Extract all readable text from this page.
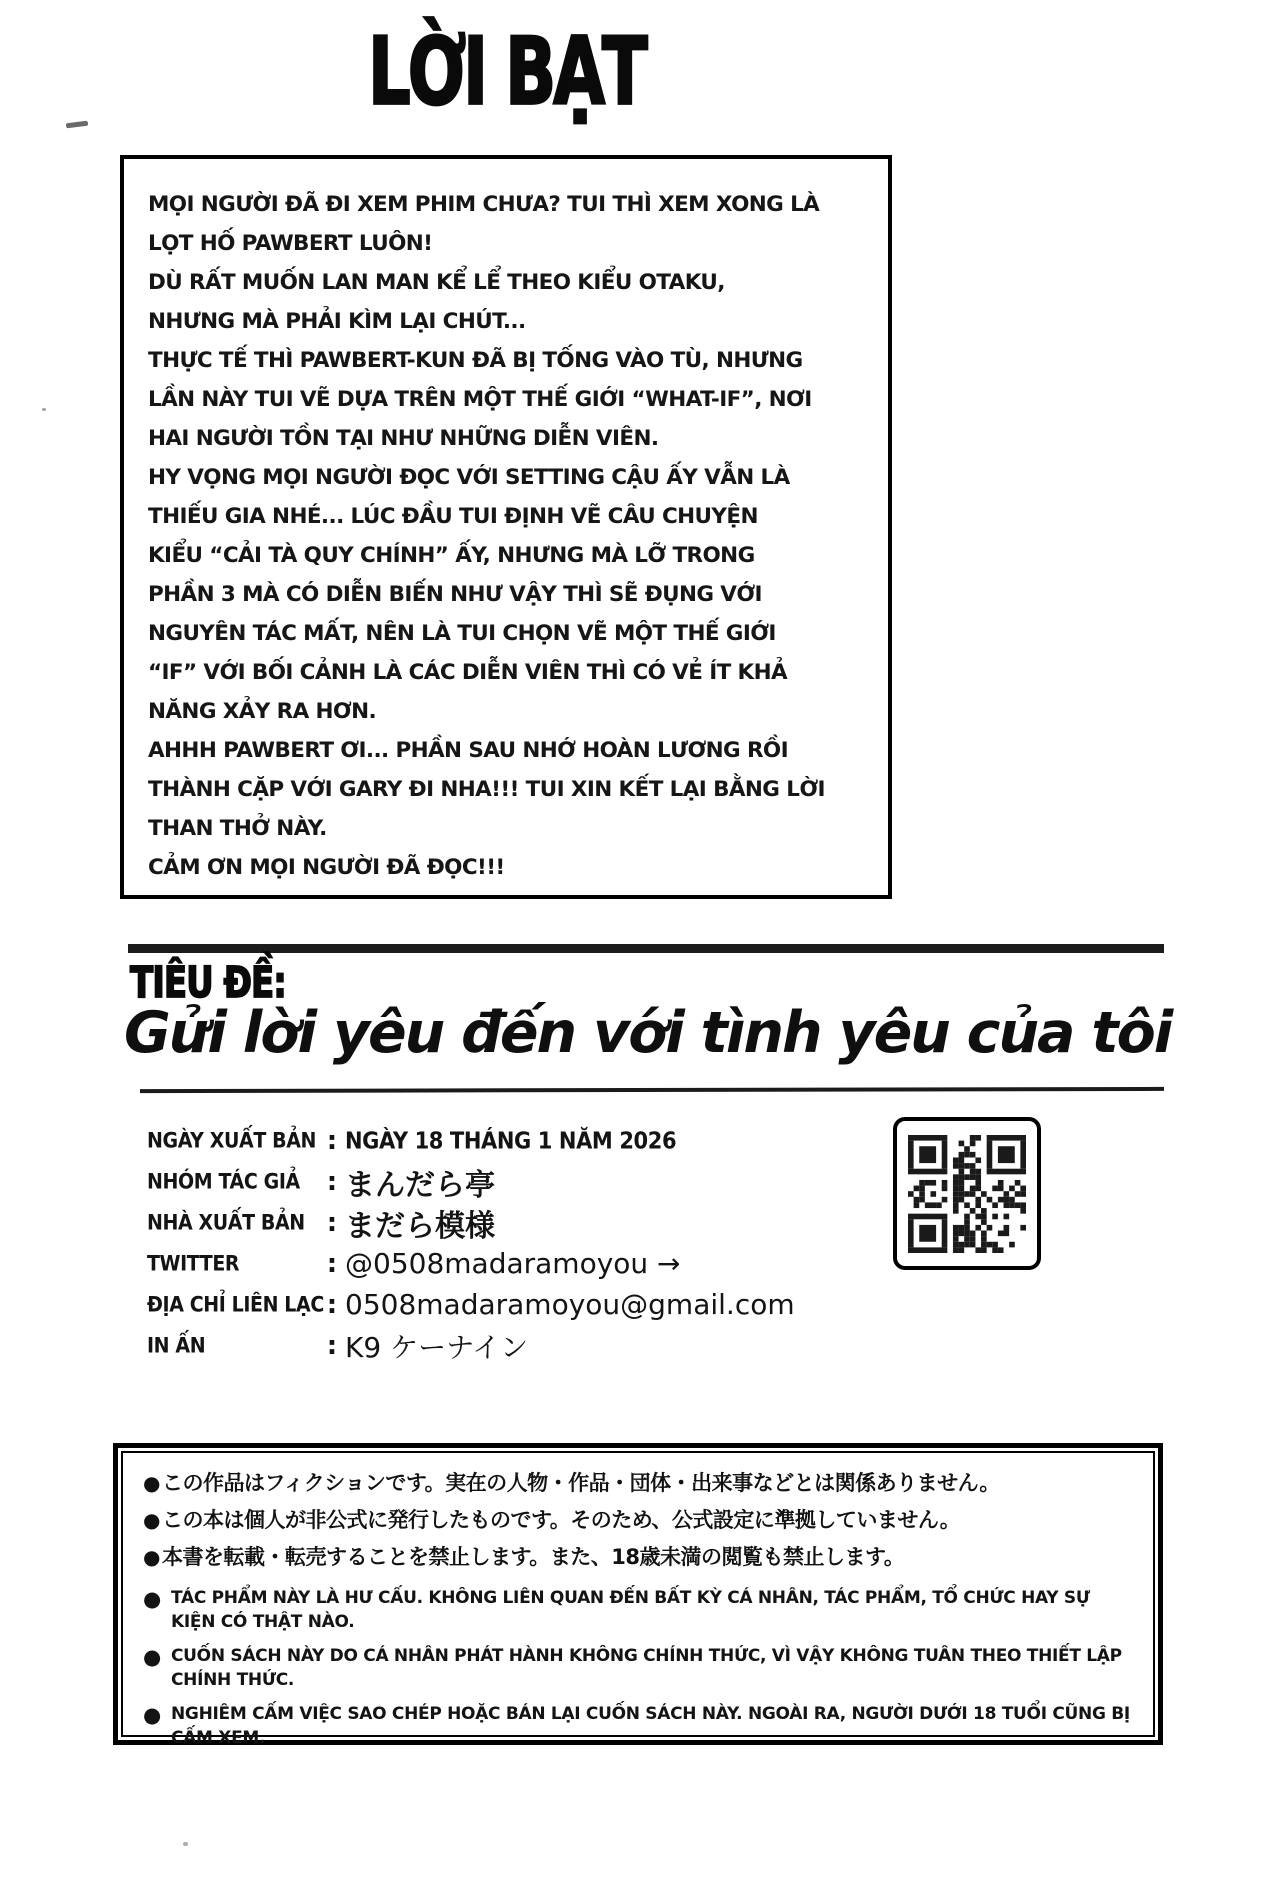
LỜI BẠT
MỌI NGƯỜI ĐÃ ĐI XEM PHIM CHƯA? TUI THÌ XEM XONG LÀ
LỌT HỐ PAWBERT LUÔN!
DÙ RẤT MUỐN LAN MAN KỂ LỂ THEO KIỂU OTAKU,
NHƯNG MÀ PHẢI KÌM LẠI CHÚT...
THỰC TẾ THÌ PAWBERT-KUN ĐÃ BỊ TỐNG VÀO TÙ, NHƯNG
LẦN NÀY TUI VẼ DỰA TRÊN MỘT THẾ GIỚI “WHAT-IF”, NƠI
HAI NGƯỜI TỒN TẠI NHƯ NHỮNG DIỄN VIÊN.
HY VỌNG MỌI NGƯỜI ĐỌC VỚI SETTING CẬU ẤY VẪN LÀ
THIẾU GIA NHÉ... LÚC ĐẦU TUI ĐỊNH VẼ CÂU CHUYỆN
KIỂU “CẢI TÀ QUY CHÍNH” ẤY, NHƯNG MÀ LỠ TRONG
PHẦN 3 MÀ CÓ DIỄN BIẾN NHƯ VẬY THÌ SẼ ĐỤNG VỚI
NGUYÊN TÁC MẤT, NÊN LÀ TUI CHỌN VẼ MỘT THẾ GIỚI
“IF” VỚI BỐI CẢNH LÀ CÁC DIỄN VIÊN THÌ CÓ VẺ ÍT KHẢ
NĂNG XẢY RA HƠN.
AHHH PAWBERT ƠI... PHẦN SAU NHỚ HOÀN LƯƠNG RỒI
THÀNH CẶP VỚI GARY ĐI NHA!!! TUI XIN KẾT LẠI BẰNG LỜI
THAN THỞ NÀY.
CẢM ƠN MỌI NGƯỜI ĐÃ ĐỌC!!!
TIÊU ĐỀ:
Gửi lời yêu đến với tình yêu của tôi
NGÀY XUẤT BẢN : NGÀY 18 THÁNG 1 NĂM 2026
NHÓM TÁC GIẢ	: まんだら亭
NHÀ XUẤT BẢN : まだら模様
TWITTER	: @0508madaramoyou →
ĐỊA CHỈ LIÊN LẠC : 0508madaramoyou@gmail.com
IN ẤN	: K9 ケーナイン
● この作品はフィクションです。実在の人物・作品・団体・出来事などとは関係ありません。
● この本は個人が非公式に発行したものです。そのため、公式設定に準拠していません。
● 本書を転載・転売することを禁止します。また、18歳未満の閲覧も禁止します。
● TÁC PHẨM NÀY LÀ HƯ CẤU. KHÔNG LIÊN QUAN ĐẾN BẤT KỲ CÁ NHÂN, TÁC PHẨM, TỔ CHỨC HAY SỰ KIỆN CÓ THẬT NÀO.
● CUỐN SÁCH NÀY DO CÁ NHÂN PHÁT HÀNH KHÔNG CHÍNH THỨC, VÌ VẬY KHÔNG TUÂN THEO THIẾT LẬP CHÍNH THỨC.
● NGHIÊM CẤM VIỆC SAO CHÉP HOẶC BÁN LẠI CUỐN SÁCH NÀY. NGOÀI RA, NGƯỜI DƯỚI 18 TUỔI CŨNG BỊ CẤM XEM.
